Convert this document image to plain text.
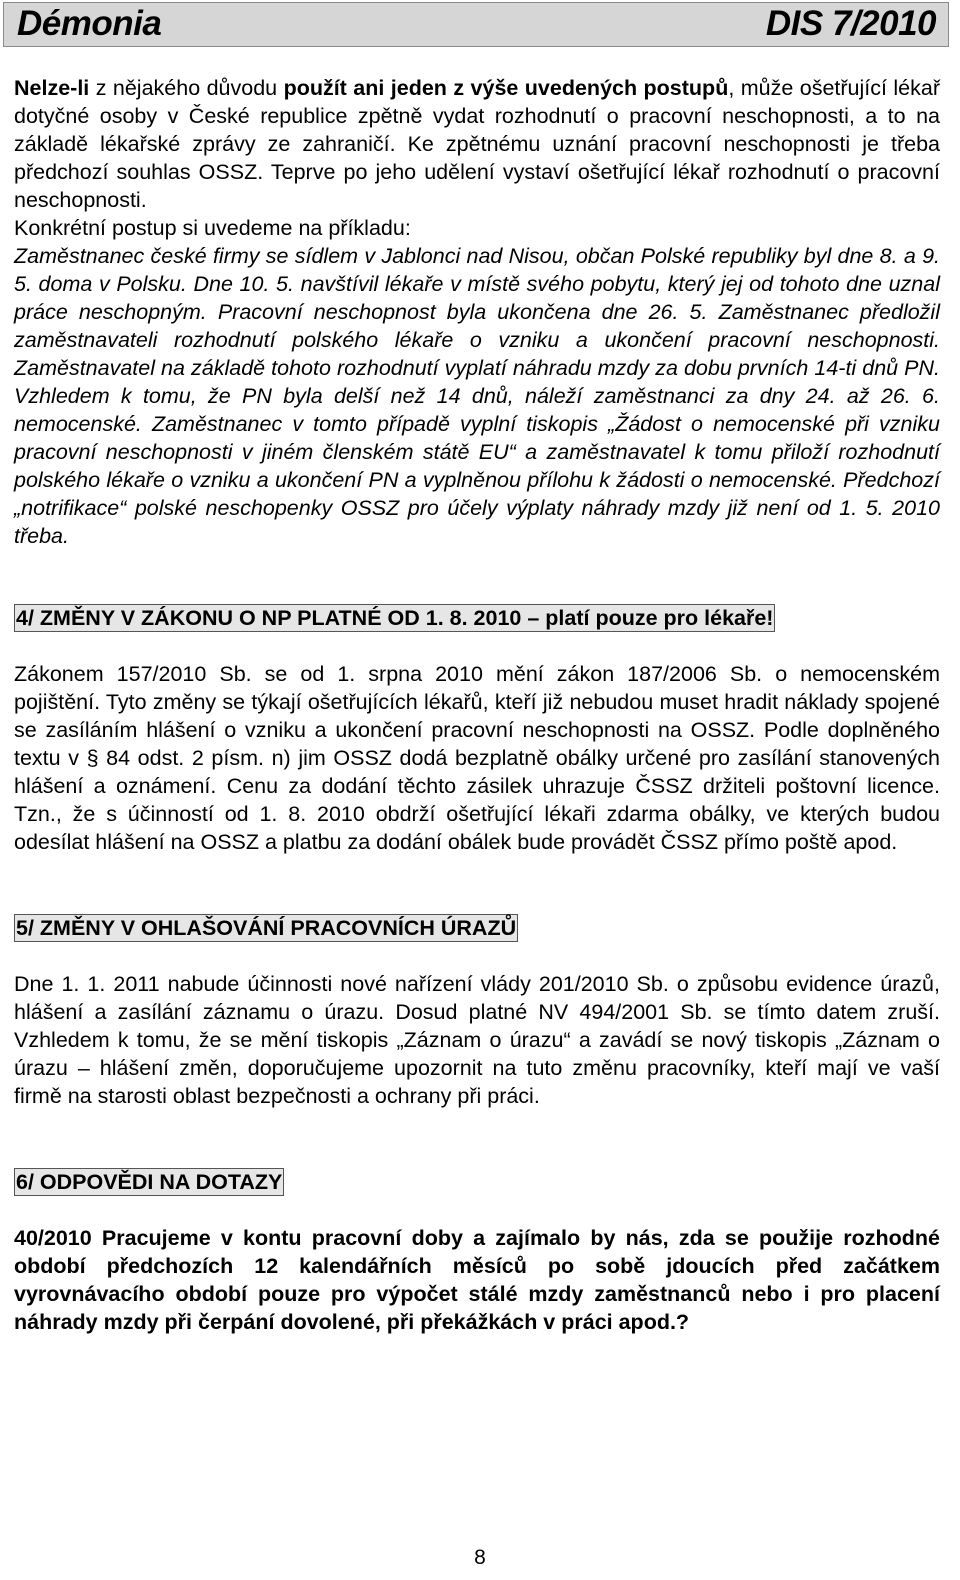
Démonia	DIS 7/2010

Nelze-li z nějakého důvodu použít ani jeden z výše uvedených postupů, může ošetřující lékař dotyčné osoby v České republice zpětně vydat rozhodnutí o pracovní neschopnosti, a to na základě lékařské zprávy ze zahraničí. Ke zpětnému uznání pracovní neschopnosti je třeba předchozí souhlas OSSZ. Teprve po jeho udělení vystaví ošetřující lékař rozhodnutí o pracovní neschopnosti.

Konkrétní postup si uvedeme na příkladu:

Zaměstnanec české firmy se sídlem v Jablonci nad Nisou, občan Polské republiky byl dne 8. a 9. 5. doma v Polsku. Dne 10. 5. navštívil lékaře v místě svého pobytu, který jej od tohoto dne uznal práce neschopným. Pracovní neschopnost byla ukončena dne 26. 5. Zaměstnanec předložil zaměstnavateli rozhodnutí polského lékaře o vzniku a ukončení pracovní neschopnosti. Zaměstnavatel na základě tohoto rozhodnutí vyplatí náhradu mzdy za dobu prvních 14-ti dnů PN. Vzhledem k tomu, že PN byla delší než 14 dnů, náleží zaměstnanci za dny 24. až 26. 6. nemocenské. Zaměstnanec v tomto případě vyplní tiskopis „Žádost o nemocenské při vzniku pracovní neschopnosti v jiném členském státě EU“ a zaměstnavatel k tomu přiloží rozhodnutí polského lékaře o vzniku a ukončení PN a vyplněnou přílohu k žádosti o nemocenské. Předchozí „notrifikace“ polské neschopenky OSSZ pro účely výplaty náhrady mzdy již není od 1. 5. 2010 třeba.

4/ ZMĚNY V ZÁKONU O NP PLATNÉ OD 1. 8. 2010 – platí pouze pro lékaře!

Zákonem 157/2010 Sb. se od 1. srpna 2010 mění zákon 187/2006 Sb. o nemocenském pojištění. Tyto změny se týkají ošetřujících lékařů, kteří již nebudou muset hradit náklady spojené se zasíláním hlášení o vzniku a ukončení pracovní neschopnosti na OSSZ. Podle doplněného textu v § 84 odst. 2 písm. n) jim OSSZ dodá bezplatně obálky určené pro zasílání stanovených hlášení a oznámení. Cenu za dodání těchto zásilek uhrazuje ČSSZ držiteli poštovní licence. Tzn., že s účinností od 1. 8. 2010 obdrží ošetřující lékaři zdarma obálky, ve kterých budou odesílat hlášení na OSSZ a platbu za dodání obálek bude provádět ČSSZ přímo poště apod.

5/ ZMĚNY V OHLAŠOVÁNÍ PRACOVNÍCH ÚRAZŮ

Dne 1. 1. 2011 nabude účinnosti nové nařízení vlády 201/2010 Sb. o způsobu evidence úrazů, hlášení a zasílání záznamu o úrazu. Dosud platné NV 494/2001 Sb. se tímto datem zruší. Vzhledem k tomu, že se mění tiskopis „Záznam o úrazu“ a zavádí se nový tiskopis „Záznam o úrazu – hlášení změn, doporučujeme upozornit na tuto změnu pracovníky, kteří mají ve vaší firmě na starosti oblast bezpečnosti a ochrany při práci.

6/ ODPOVĚDI NA DOTAZY

40/2010 Pracujeme v kontu pracovní doby a zajímalo by nás, zda se použije rozhodné období předchozích 12 kalendářních měsíců po sobě jdoucích před začátkem vyrovnávacího období pouze pro výpočet stálé mzdy zaměstnanců nebo i pro placení náhrady mzdy při čerpání dovolené, při překážkách v práci apod.?

8
